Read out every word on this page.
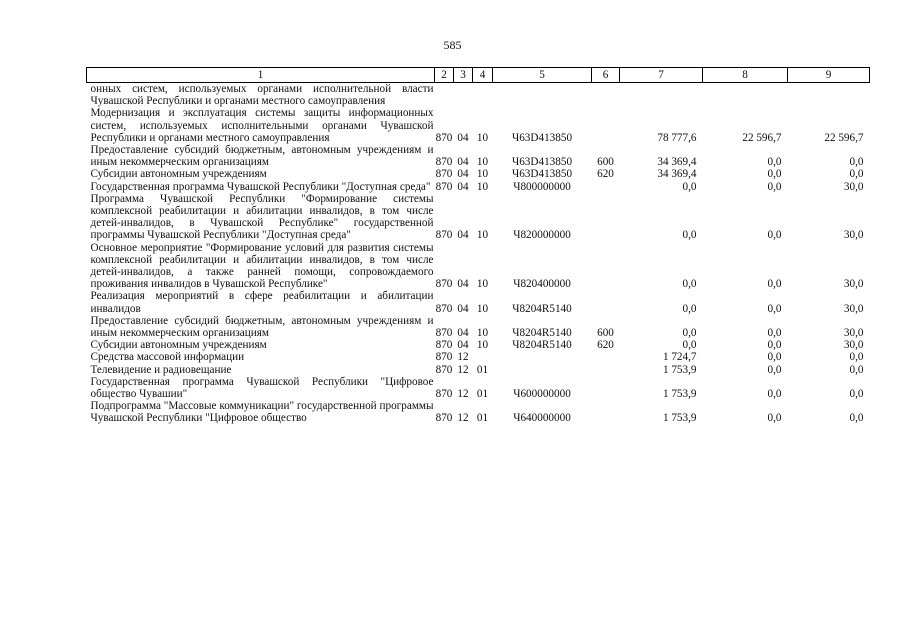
585
1	2	3	4	5	6	7	8	9
онных систем, используемых органами исполнительной власти Чувашской Республики и органами местного самоуправления								
Модернизация и эксплуатация системы защиты информационных систем, используемых исполнительными органами Чувашской Республики и органами местного самоуправления	870	04	10	Ч63D413850		78 777,6	22 596,7	22 596,7
Предоставление субсидий бюджетным, автономным учреждениям и иным некоммерческим организациям	870	04	10	Ч63D413850	600	34 369,4	0,0	0,0
Субсидии автономным учреждениям	870	04	10	Ч63D413850	620	34 369,4	0,0	0,0
Государственная программа Чувашской Республики "Доступная среда"	870	04	10	Ч800000000		0,0	0,0	30,0
Программа Чувашской Республики "Формирование системы комплексной реабилитации и абилитации инвалидов, в том числе детей-инвалидов, в Чувашской Республике" государственной программы Чувашской Республики "Доступная среда"	870	04	10	Ч820000000		0,0	0,0	30,0
Основное мероприятие "Формирование условий для развития системы комплексной реабилитации и абилитации инвалидов, в том числе детей-инвалидов, а также ранней помощи, сопровождаемого проживания инвалидов в Чувашской Республике"	870	04	10	Ч820400000		0,0	0,0	30,0
Реализация мероприятий в сфере реабилитации и абилитации инвалидов	870	04	10	Ч8204R5140		0,0	0,0	30,0
Предоставление субсидий бюджетным, автономным учреждениям и иным некоммерческим организациям	870	04	10	Ч8204R5140	600	0,0	0,0	30,0
Субсидии автономным учреждениям	870	04	10	Ч8204R5140	620	0,0	0,0	30,0
Средства массовой информации	870	12				1 724,7	0,0	0,0
Телевидение и радиовещание	870	12	01			1 753,9	0,0	0,0
Государственная программа Чувашской Республики "Цифровое общество Чувашии"	870	12	01	Ч600000000		1 753,9	0,0	0,0
Подпрограмма "Массовые коммуникации" государственной программы Чувашской Республики "Цифровое общество	870	12	01	Ч640000000		1 753,9	0,0	0,0
